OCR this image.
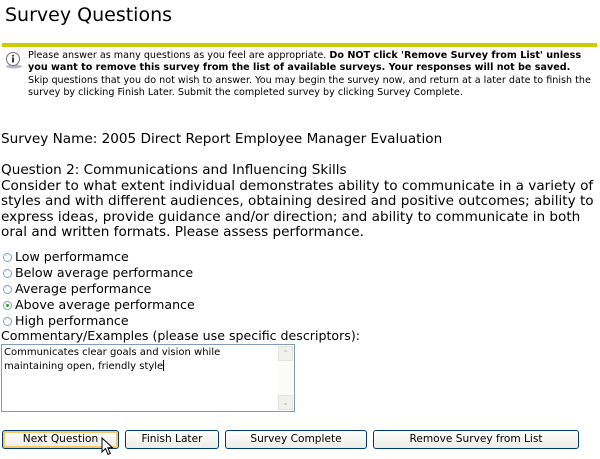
Survey Questions
Please answer as many questions as you feel are appropriate. Do NOT click 'Remove Survey from List' unless you want to remove this survey from the list of available surveys. Your responses will not be saved.
Skip questions that you do not wish to answer. You may begin the survey now, and return at a later date to finish the survey by clicking Finish Later. Submit the completed survey by clicking Survey Complete.
Survey Name: 2005 Direct Report Employee Manager Evaluation
Question 2: Communications and Influencing Skills
Consider to what extent individual demonstrates ability to communicate in a variety of styles and with different audiences, obtaining desired and positive outcomes; ability to express ideas, provide guidance and/or direction; and ability to communicate in both oral and written formats. Please assess performance.
Low performamce
Below average performance
Average performance
Above average performance
High performance
Commentary/Examples (please use specific descriptors):
Communicates clear goals and vision while maintaining open, friendly style
⌃
⌄
Next Question	Finish Later	Survey Complete	Remove Survey from List
